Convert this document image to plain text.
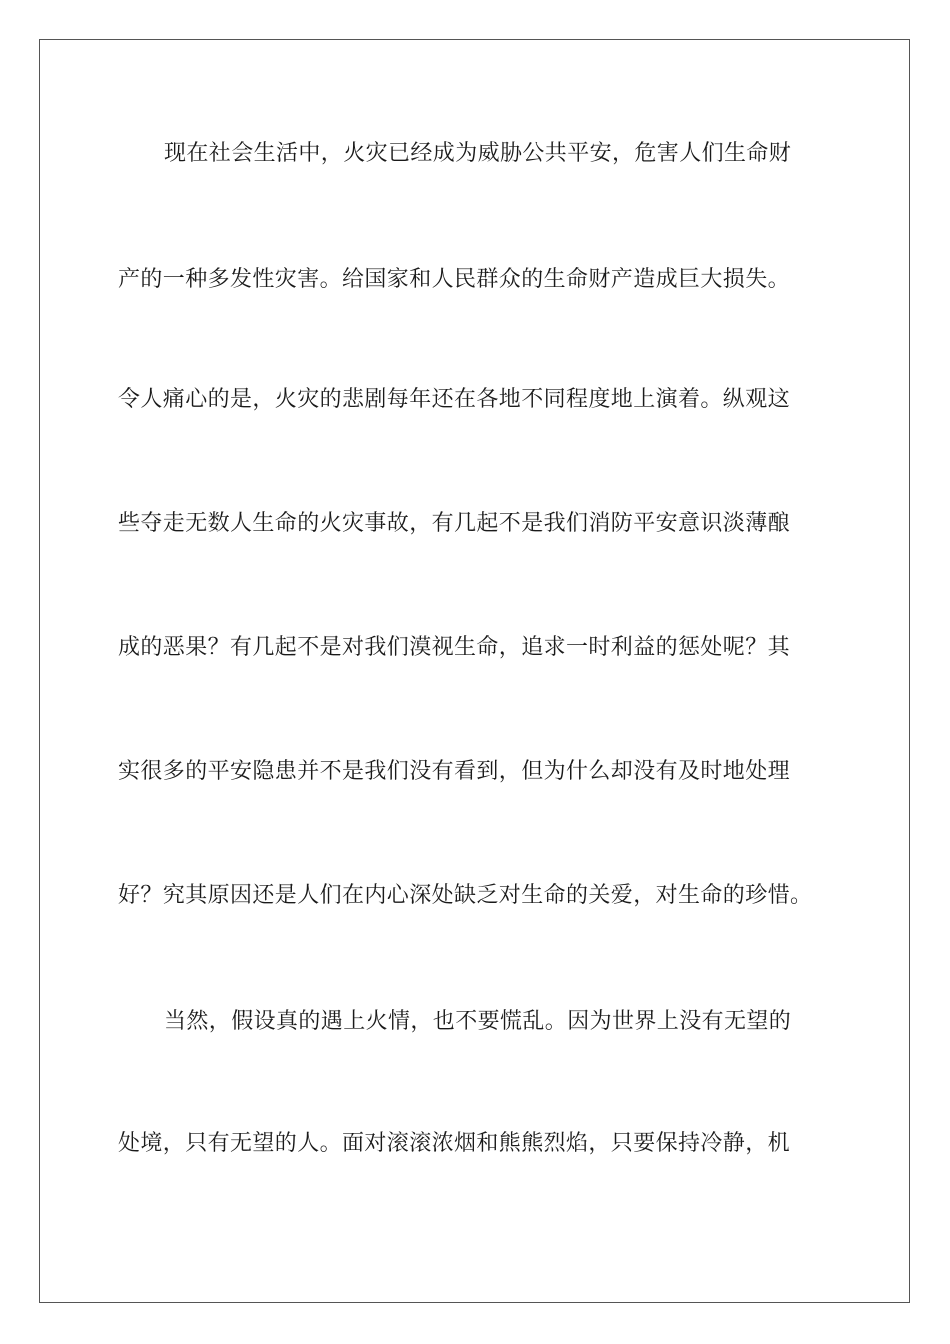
现在社会生活中，火灾已经成为威胁公共平安，危害人们生命财

产的一种多发性灾害。给国家和人民群众的生命财产造成巨大损失。

令人痛心的是，火灾的悲剧每年还在各地不同程度地上演着。纵观这

些夺走无数人生命的火灾事故，有几起不是我们消防平安意识淡薄酿

成的恶果？有几起不是对我们漠视生命，追求一时利益的惩处呢？其

实很多的平安隐患并不是我们没有看到，但为什么却没有及时地处理

好？究其原因还是人们在内心深处缺乏对生命的关爱，对生命的珍惜。

当然，假设真的遇上火情，也不要慌乱。因为世界上没有无望的

处境，只有无望的人。面对滚滚浓烟和熊熊烈焰，只要保持冷静，机
